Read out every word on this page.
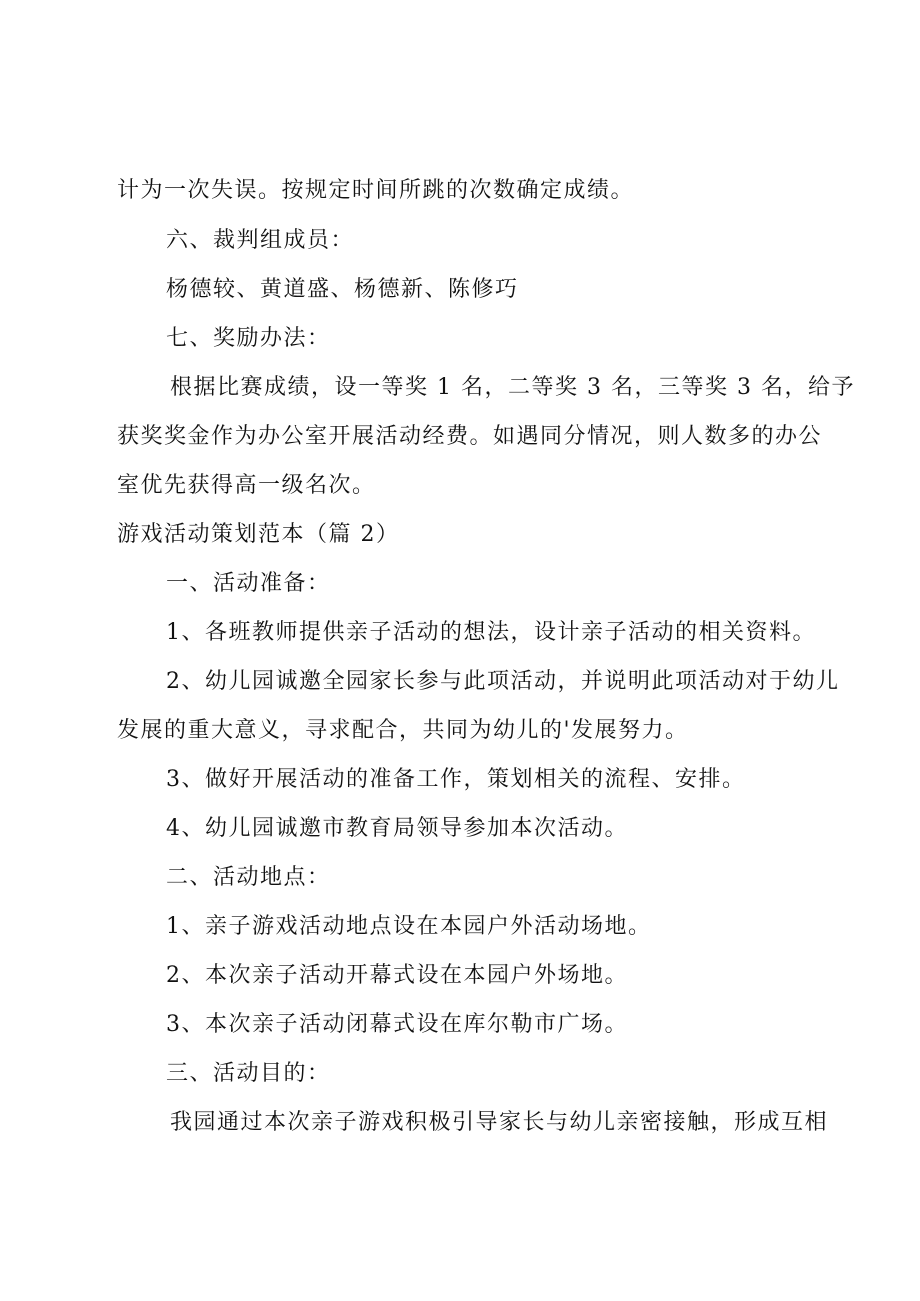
计为一次失误。按规定时间所跳的次数确定成绩。
六、裁判组成员：
杨德较、黄道盛、杨德新、陈修巧
七、奖励办法：
根据比赛成绩，设一等奖 1 名，二等奖 3 名，三等奖 3 名，给予
获奖奖金作为办公室开展活动经费。如遇同分情况，则人数多的办公
室优先获得高一级名次。
游戏活动策划范本（篇 2）
一、活动准备：
1、各班教师提供亲子活动的想法，设计亲子活动的相关资料。
2、幼儿园诚邀全园家长参与此项活动，并说明此项活动对于幼儿
发展的重大意义，寻求配合，共同为幼儿的'发展努力。
3、做好开展活动的准备工作，策划相关的流程、安排。
4、幼儿园诚邀市教育局领导参加本次活动。
二、活动地点：
1、亲子游戏活动地点设在本园户外活动场地。
2、本次亲子活动开幕式设在本园户外场地。
3、本次亲子活动闭幕式设在库尔勒市广场。
三、活动目的：
我园通过本次亲子游戏积极引导家长与幼儿亲密接触，形成互相
